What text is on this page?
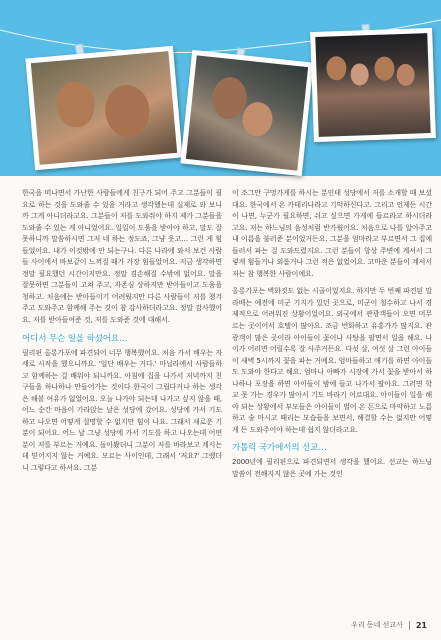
한국을 떠나면서 가난한 사람들에게 친구가 되어 주고 그분들이 필요로 하는 것을 도와줄 수 있을 거라고 생각했는데 실제로 와 보니까 그게 아니더라고요. 그분들이 저를 도와줘야 하지 제가 그분들을 도와줄 수 있는 게 아니었어요. 일일이 도움을 받아야 하고, 말도 잘 못하니까 말씀하시면 그저 네 하는 정도죠, 그냥 웃고… 그런 게 힘들었어요. 내가 이것밖에 안 되는구나. 다른 나라에 와서 보건 사람들 사이에서 바보같이 느껴질 때가 가장 힘들었어요. 지금 생각하면 정말 필요했던 시간이지만요. 정말 겸손해질 수밖에 없어요. 말을 잘못하면 그분들이 고쳐 주고, 자존심 상하지만 받아들이고 도움을 청하고. 처음에는 받아들이기 어려웠지만 다른 사람들이 저를 챙겨주고 도와주고 함께해 주는 것이 참 감사하더라고요. 정말 감사했어요. 저를 받아들여준 것, 저를 도와준 것에 대해서.

어디서 무슨 일을 하셨어요…

필리핀 올롱가포에 파견되어 너무 행복했어요. 처음 가서 배우는 자세로 시작을 했으니까요. '일단 배우는 거다.' 마닐라에서 사람들하고 함께하는 걸 배워야 되니까요. 아침에 집을 나가서 저녁까지 친구들을 하나하나 만들어가는 것이다 한국이 그립다거나 하는 생각은 해볼 여유가 없었어요. 오늘 나가야 되는데 나가고 싶지 않을 때, 어느 순간 마음이 가라앉는 날은 성당에 갔어요. 성당에 가서 기도하고 나오면 어떻게 설명할 수 없지만 힘이 나요. 그래서 새로운 기분이 되어요. 어느 날 그냥 성당에 가서 기도를 하고 나오는데 어떤 분이 저를 부르는 거예요. 돌아봤더니 그분이 저를 바라보고 계시는데 믿어지지 않는 거예요. 모르는 사이인데, 그래서 '저요?' 그랬더니 그렇다고 하셔요. 그분

이 조그만 구멍가게를 하시는 분인데 성당에서 저를 소개할 때 보셨대요. 한국에서 온 카테리나라고 기억하신다고. 그리고 언제든 시간이 나면, 누군가 필요하면, 쉬고 싶으면 가게에 들르라고 하시더라고요. 저는 하느님의 음성처럼 반가웠어요. 처음으로 나를 알아주고 내 이름을 불러준 분이었거든요. 그분을 엄마라고 부르면서 그 집에 들러서 파는 걸 도와드렸지요. 그런 분들이 항상 주변에 계셔서 그렇게 힘들거나 외롭거나 그런 적은 없었어요. 고마운 분들이 계셔서 저는 참 행복한 사람이에요.

올롱가포는 벽화것도 없는 시골이었지요. 하지만 두 번째 파견된 말라베는 예전에 미군 기지가 있던 곳으로, 미군이 철수하고 나서 경제적으로 어려워진 상황이었어요. 외국에서 관광객들이 오면 머무르는 곳이어서 호텔이 많아요. 조금 번화하고 유흥가가 많지요. 관광객이 많은 곳이라 아이들이 꽃이나 사탕을 팔면서 일을 해요. 나이가 어리면 어릴수록 잘 사주거든요. 다섯 살, 여섯 살 그런 아이들이 새벽 5시까지 꽃을 파는 거예요. 엄마들하고 애기를 하면 아이들도 도와야 한다고 해요. 엄마나 아빠가 시장에 가서 꽃을 받아서 하나하나 포장을 하면 아이들이 밤에 들고 나가서 팔아요. 그러면 학교 못 가는 경우가 많아서 기도 바라기 어르대요. 아이들이 일을 해야 되는 상황에서 부모들은 아이들이 벌어 온 돈으로 마약하고 노름하고 술 마시고 때리는 모습들을 보면서, 해결할 수는 없지만 어떻게 든 도와주어야 하는데 쉽지 않더라고요.

가톨릭 국가에서의 선교…

2000년에 필리핀으로 파견되면서 생각을 했어요. 선교는 하느님 말씀이 전해지지 않은 곳에 가는 것인

우리 동네 선교사 21
